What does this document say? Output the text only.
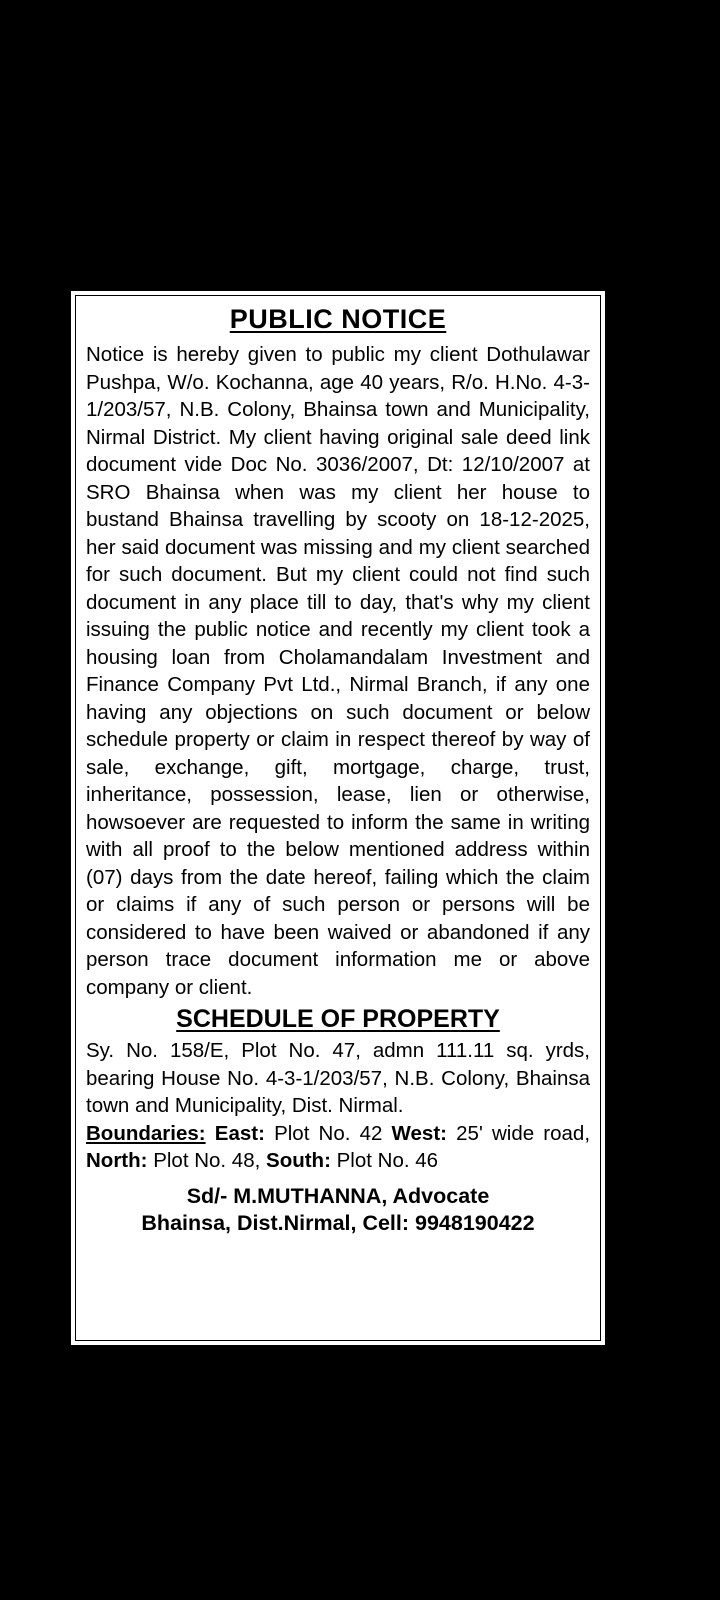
PUBLIC NOTICE

Notice is hereby given to public my client Dothulawar Pushpa, W/o. Kochanna, age 40 years, R/o. H.No. 4-3-1/203/57, N.B. Colony, Bhainsa town and Municipality, Nirmal District. My client having original sale deed link document vide Doc No. 3036/2007, Dt: 12/10/2007 at SRO Bhainsa when was my client her house to bustand Bhainsa travelling by scooty on 18-12-2025, her said document was missing and my client searched for such document. But my client could not find such document in any place till to day, that's why my client issuing the public notice and recently my client took a housing loan from Cholamandalam Investment and Finance Company Pvt Ltd., Nirmal Branch, if any one having any objections on such document or below schedule property or claim in respect thereof by way of sale, exchange, gift, mortgage, charge, trust, inheritance, possession, lease, lien or otherwise, howsoever are requested to inform the same in writing with all proof to the below mentioned address within (07) days from the date hereof, failing which the claim or claims if any of such person or persons will be considered to have been waived or abandoned if any person trace document information me or above company or client.

SCHEDULE OF PROPERTY

Sy. No. 158/E, Plot No. 47, admn 111.11 sq. yrds, bearing House No. 4-3-1/203/57, N.B. Colony, Bhainsa town and Municipality, Dist. Nirmal.

Boundaries: East: Plot No. 42 West: 25' wide road, North: Plot No. 48, South: Plot No. 46

Sd/- M.MUTHANNA, Advocate
Bhainsa, Dist.Nirmal, Cell: 9948190422
